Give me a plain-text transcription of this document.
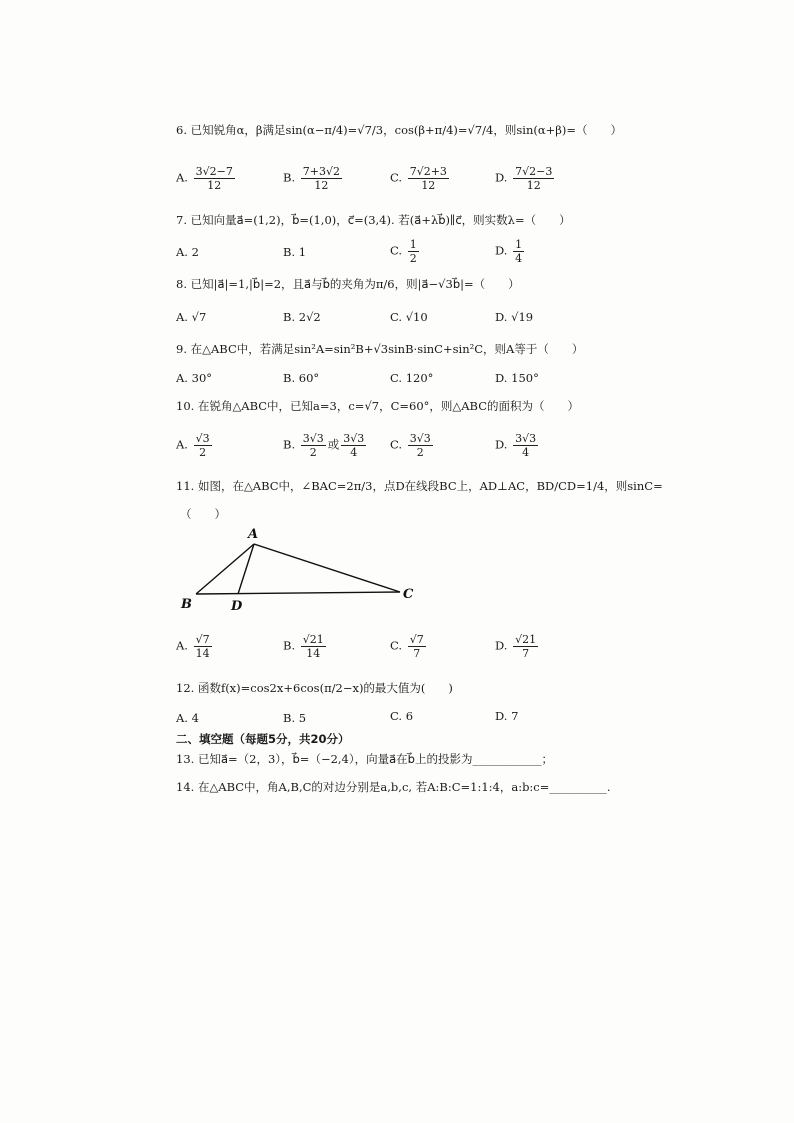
6. 已知锐角α，β满足sin(α−π/4)=√7/3，cos(β+π/4)=√7/4，则sin(α+β)=（　　）
A. $\frac{3√2-7}{12}$	B. $\frac{7+3√2}{12}$	C. $\frac{7√2+3}{12}$	D. $\frac{7√2-3}{12}$
7. 已知向量a⃗=(1,2)，b⃗=(1,0)，c⃗=(3,4). 若(a⃗+λb⃗)∥c⃗，则实数λ=（　　）
A. 2	B. 1	C. $\frac{1}{2}$	D. $\frac{1}{4}$
8. 已知|a⃗|=1,|b⃗|=2，且a⃗与b⃗的夹角为π/6，则|a⃗−√3b⃗|=（　　）
A. √7	B. 2√2	C. √10	D. √19
9. 在△ABC中，若满足sin²A=sin²B+√3sinB·sinC+sin²C，则A等于（　　）
A. 30°	B. 60°	C. 120°	D. 150°
10. 在锐角△ABC中，已知a=3，c=√7，C=60°，则△ABC的面积为（　　）
A. $\frac{√3}{2}$	B. $\frac{3√3}{2}$ 或 $\frac{3√3}{4} C$. $\frac{3√3}{2}$	D. $\frac{3√3}{4}$
11. 如图，在△ABC中，∠BAC=2π/3，点D在线段BC上，AD⊥AC，BD/CD=1/4，则sinC=
（　　）
A
B
C
D
A. $\frac{√7}{14}$	B. $\frac{√21}{14}$	C. $\frac{√7}{7}$	D. $\frac{√21}{7}$
12. 函数f(x)=cos2x+6cos(π/2−x)的最大值为(　　)
A. 4	B. 5	C. 6	D. 7
二、填空题（每题5分，共20分）
13. 已知a⃗=（2，3），b⃗=（−2,4），向量a⃗在b⃗上的投影为____________；
14. 在△ABC中，角A,B,C的对边分别是a,b,c, 若A:B:C=1:1:4，a:b:c=__________.
